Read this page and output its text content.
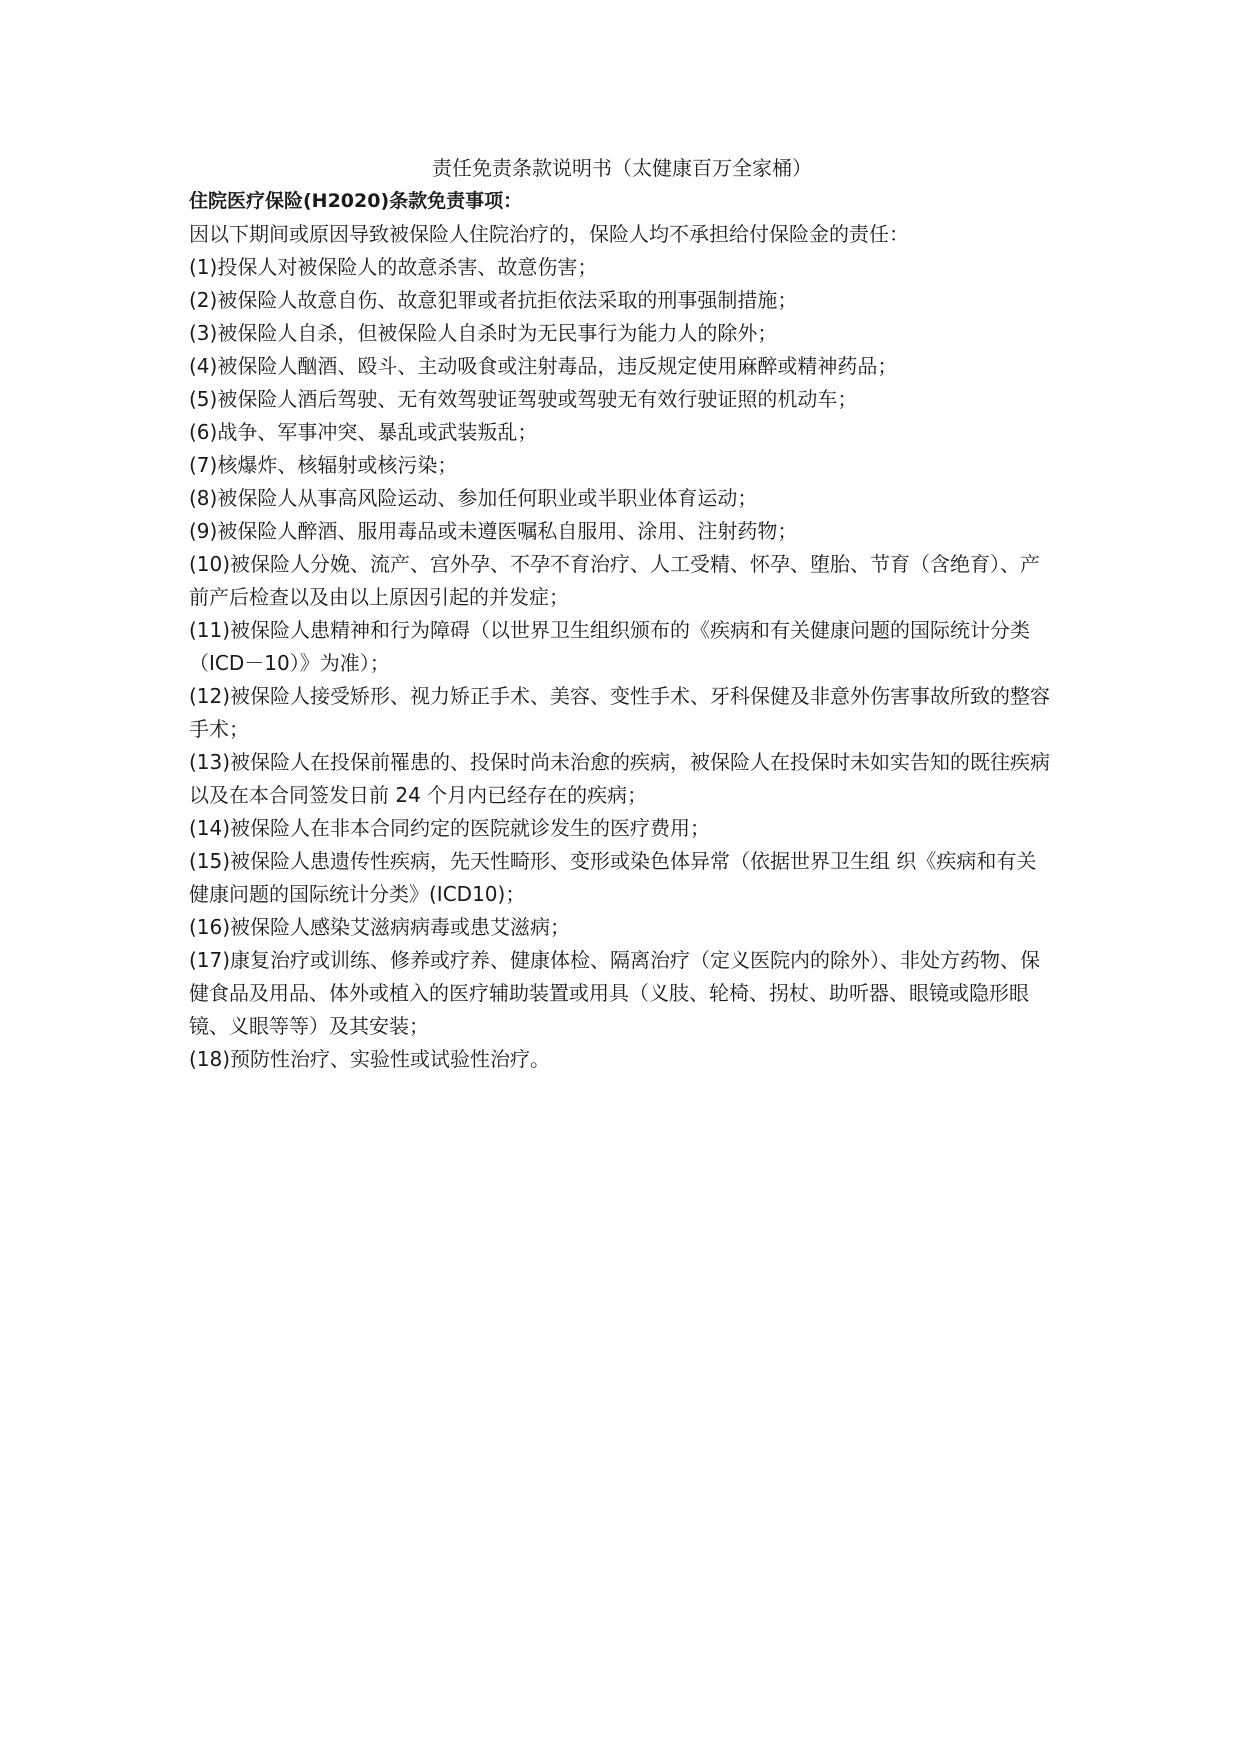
责任免责条款说明书（太健康百万全家桶）
住院医疗保险(H2020)条款免责事项：

因以下期间或原因导致被保险人住院治疗的，保险人均不承担给付保险金的责任：

(1)投保人对被保险人的故意杀害、故意伤害；
(2)被保险人故意自伤、故意犯罪或者抗拒依法采取的刑事强制措施；
(3)被保险人自杀，但被保险人自杀时为无民事行为能力人的除外；
(4)被保险人酗酒、殴斗、主动吸食或注射毒品，违反规定使用麻醉或精神药品；
(5)被保险人酒后驾驶、无有效驾驶证驾驶或驾驶无有效行驶证照的机动车；
(6)战争、军事冲突、暴乱或武装叛乱；
(7)核爆炸、核辐射或核污染；
(8)被保险人从事高风险运动、参加任何职业或半职业体育运动；
(9)被保险人醉酒、服用毒品或未遵医嘱私自服用、涂用、注射药物；
(10)被保险人分娩、流产、宫外孕、不孕不育治疗、人工受精、怀孕、堕胎、节育（含绝育）、产前产后检查以及由以上原因引起的并发症；
(11)被保险人患精神和行为障碍（以世界卫生组织颁布的《疾病和有关健康问题的国际统计分类（ICD－10）》为准）；
(12)被保险人接受矫形、视力矫正手术、美容、变性手术、牙科保健及非意外伤害事故所致的整容手术；
(13)被保险人在投保前罹患的、投保时尚未治愈的疾病，被保险人在投保时未如实告知的既往疾病以及在本合同签发日前 24 个月内已经存在的疾病；
(14)被保险人在非本合同约定的医院就诊发生的医疗费用；
(15)被保险人患遗传性疾病，先天性畸形、变形或染色体异常（依据世界卫生组 织《疾病和有关健康问题的国际统计分类》(ICD10)；
(16)被保险人感染艾滋病病毒或患艾滋病；
(17)康复治疗或训练、修养或疗养、健康体检、隔离治疗（定义医院内的除外）、非处方药物、保健食品及用品、体外或植入的医疗辅助装置或用具（义肢、轮椅、拐杖、助听器、眼镜或隐形眼镜、义眼等等）及其安装；
(18)预防性治疗、实验性或试验性治疗。
